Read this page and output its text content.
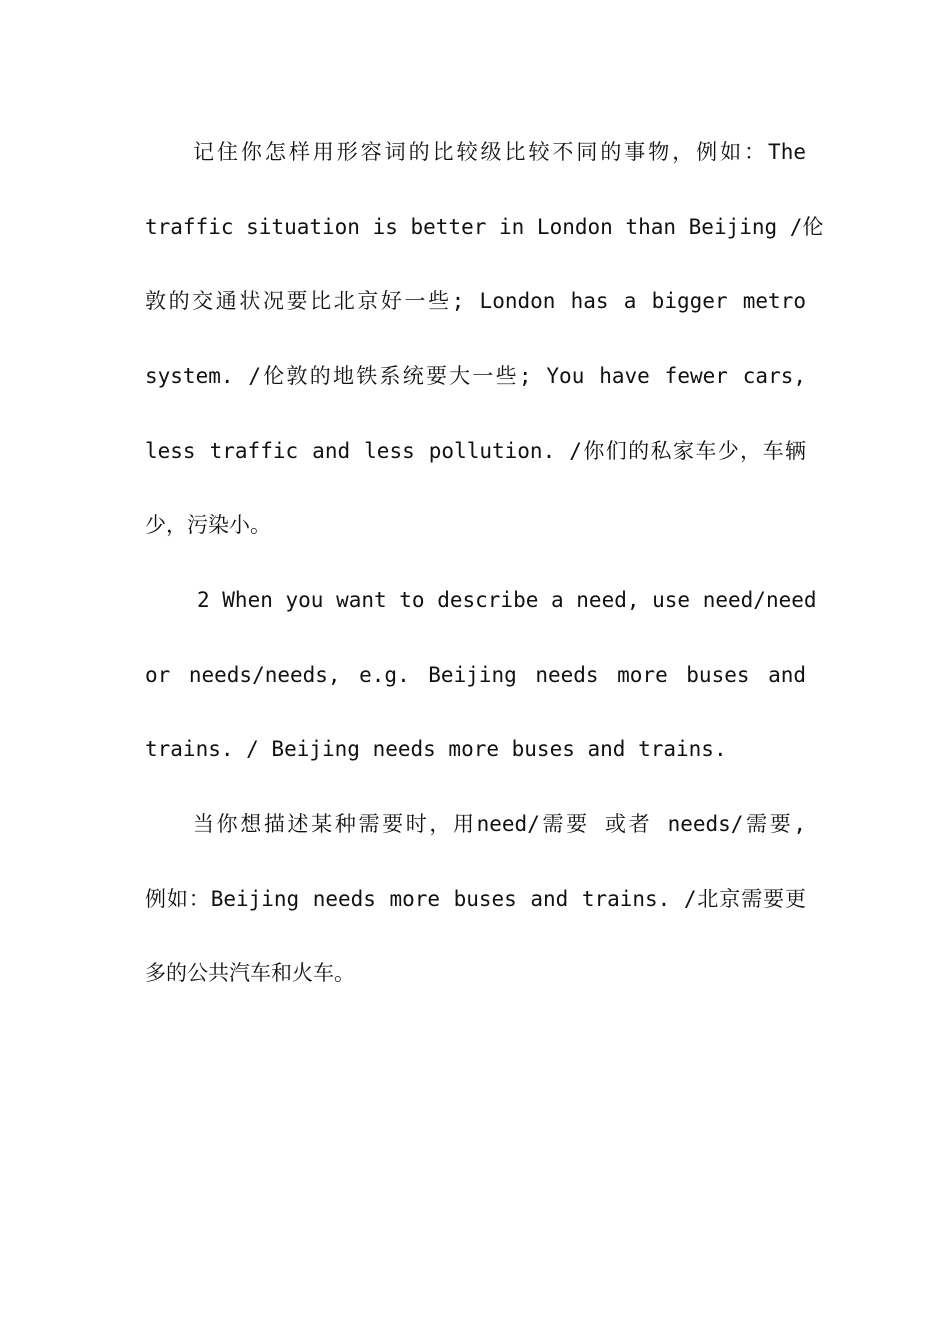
记住你怎样用形容词的比较级比较不同的事物，例如：The
traffic situation is better in London than Beijing /伦
敦的交通状况要比北京好一些; London has a bigger metro
system. /伦敦的地铁系统要大一些; You have fewer cars,
less traffic and less pollution. /你们的私家车少，车辆
少，污染小。
2 When you want to describe a need, use need/need
or needs/needs, e.g. Beijing needs more buses and
trains. / Beijing needs more buses and trains.
当你想描述某种需要时，用need/需要 或者 needs/需要,
例如：Beijing needs more buses and trains. /北京需要更
多的公共汽车和火车。
